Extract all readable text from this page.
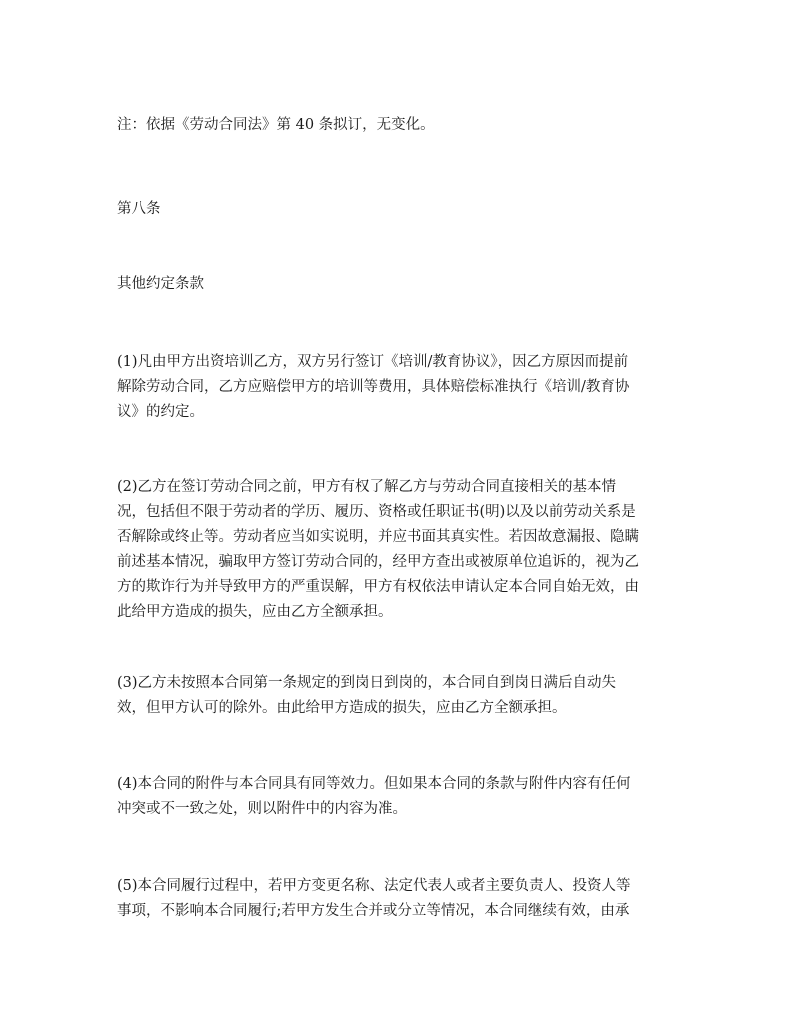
注：依据《劳动合同法》第 40 条拟订，无变化。

第八条

其他约定条款

(1)凡由甲方出资培训乙方，双方另行签订《培训/教育协议》，因乙方原因而提前
解除劳动合同，乙方应赔偿甲方的培训等费用，具体赔偿标准执行《培训/教育协
议》的约定。

(2)乙方在签订劳动合同之前，甲方有权了解乙方与劳动合同直接相关的基本情
况，包括但不限于劳动者的学历、履历、资格或任职证书(明)以及以前劳动关系是
否解除或终止等。劳动者应当如实说明，并应书面其真实性。若因故意漏报、隐瞒
前述基本情况，骗取甲方签订劳动合同的，经甲方查出或被原单位追诉的，视为乙
方的欺诈行为并导致甲方的严重误解，甲方有权依法申请认定本合同自始无效，由
此给甲方造成的损失，应由乙方全额承担。

(3)乙方未按照本合同第一条规定的到岗日到岗的，本合同自到岗日满后自动失
效，但甲方认可的除外。由此给甲方造成的损失，应由乙方全额承担。

(4)本合同的附件与本合同具有同等效力。但如果本合同的条款与附件内容有任何
冲突或不一致之处，则以附件中的内容为准。

(5)本合同履行过程中，若甲方变更名称、法定代表人或者主要负责人、投资人等
事项，不影响本合同履行;若甲方发生合并或分立等情况，本合同继续有效，由承
